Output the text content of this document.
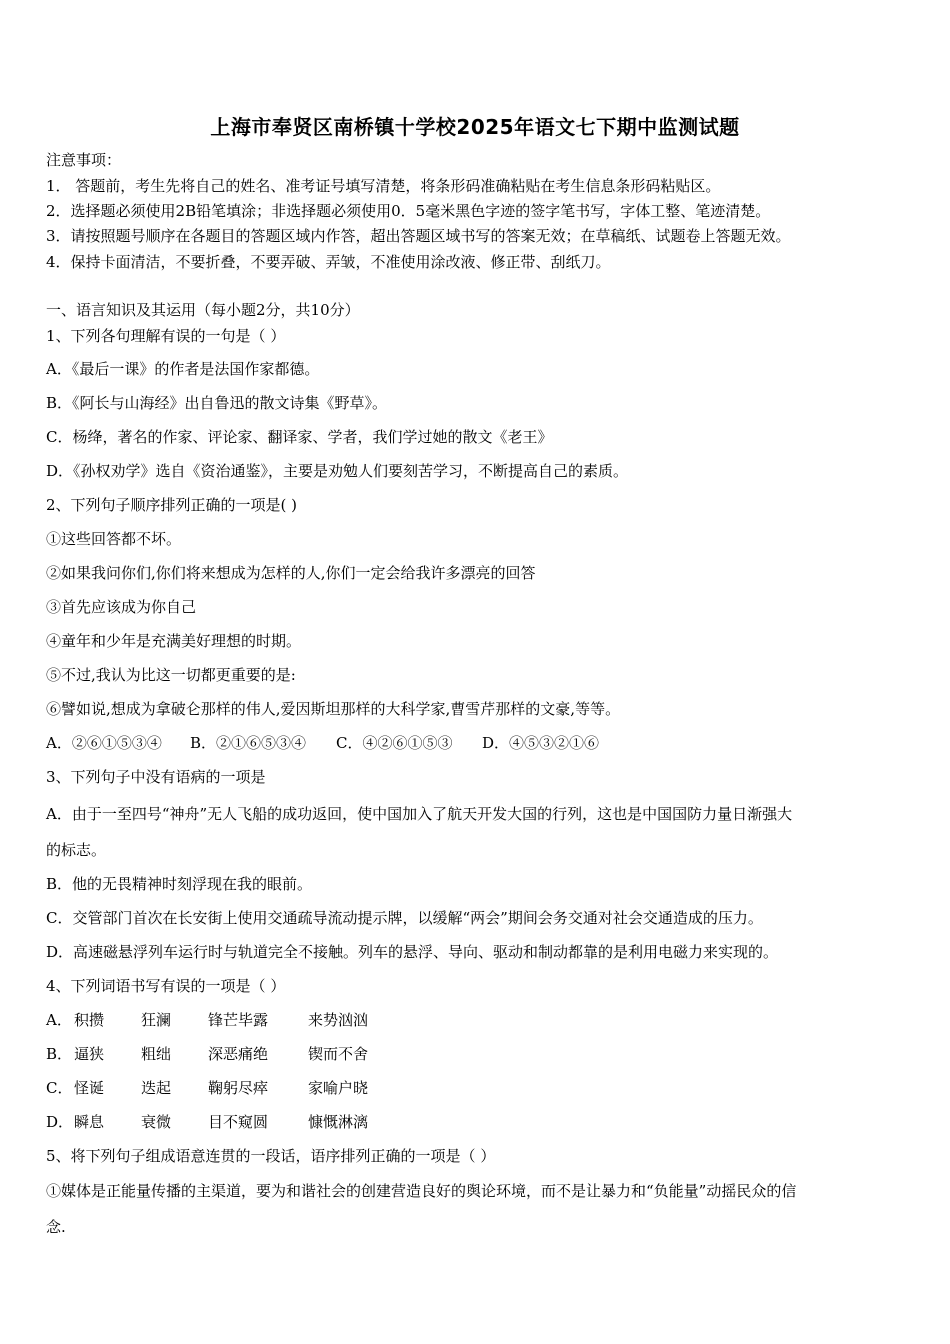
上海市奉贤区南桥镇十学校2025年语文七下期中监测试题
注意事项：
1． 答题前，考生先将自己的姓名、准考证号填写清楚，将条形码准确粘贴在考生信息条形码粘贴区。
2．选择题必须使用2B铅笔填涂；非选择题必须使用0．5毫米黑色字迹的签字笔书写，字体工整、笔迹清楚。
3．请按照题号顺序在各题目的答题区域内作答，超出答题区域书写的答案无效；在草稿纸、试题卷上答题无效。
4．保持卡面清洁，不要折叠，不要弄破、弄皱，不准使用涂改液、修正带、刮纸刀。
一、语言知识及其运用（每小题2分，共10分）
1、下列各句理解有误的一句是（ ）
A．《最后一课》的作者是法国作家都德。
B．《阿长与山海经》出自鲁迅的散文诗集《野草》。
C．杨绛，著名的作家、评论家、翻译家、学者，我们学过她的散文《老王》
D．《孙权劝学》选自《资治通鉴》，主要是劝勉人们要刻苦学习，不断提高自己的素质。
2、下列句子顺序排列正确的一项是( )
①这些回答都不坏。
②如果我问你们,你们将来想成为怎样的人,你们一定会给我许多漂亮的回答
③首先应该成为你自己
④童年和少年是充满美好理想的时期。
⑤不过,我认为比这一切都更重要的是:
⑥譬如说,想成为拿破仑那样的伟人,爱因斯坦那样的大科学家,曹雪芹那样的文豪,等等。
A．②⑥①⑤③④ B．②①⑥⑤③④ C．④②⑥①⑤③ D．④⑤③②①⑥
3、下列句子中没有语病的一项是
A．由于一至四号“神舟”无人飞船的成功返回，使中国加入了航天开发大国的行列，这也是中国国防力量日渐强大
的标志。
B．他的无畏精神时刻浮现在我的眼前。
C．交管部门首次在长安街上使用交通疏导流动提示牌，以缓解“两会”期间会务交通对社会交通造成的压力。
D．高速磁悬浮列车运行时与轨道完全不接触。列车的悬浮、导向、驱动和制动都靠的是利用电磁力来实现的。
4、下列词语书写有误的一项是（ ）
A． 积攒 狂澜 锋芒毕露	来势汹汹
B． 逼狭 粗绌 深恶痛绝	锲而不舍
C． 怪诞 迭起 鞠躬尽瘁	家喻户晓
D．瞬息 衰微 目不窥圆	慷慨淋漓
5、将下列句子组成语意连贯的一段话，语序排列正确的一项是（ ）
①媒体是正能量传播的主渠道，要为和谐社会的创建营造良好的舆论环境，而不是让暴力和“负能量”动摇民众的信
念.
